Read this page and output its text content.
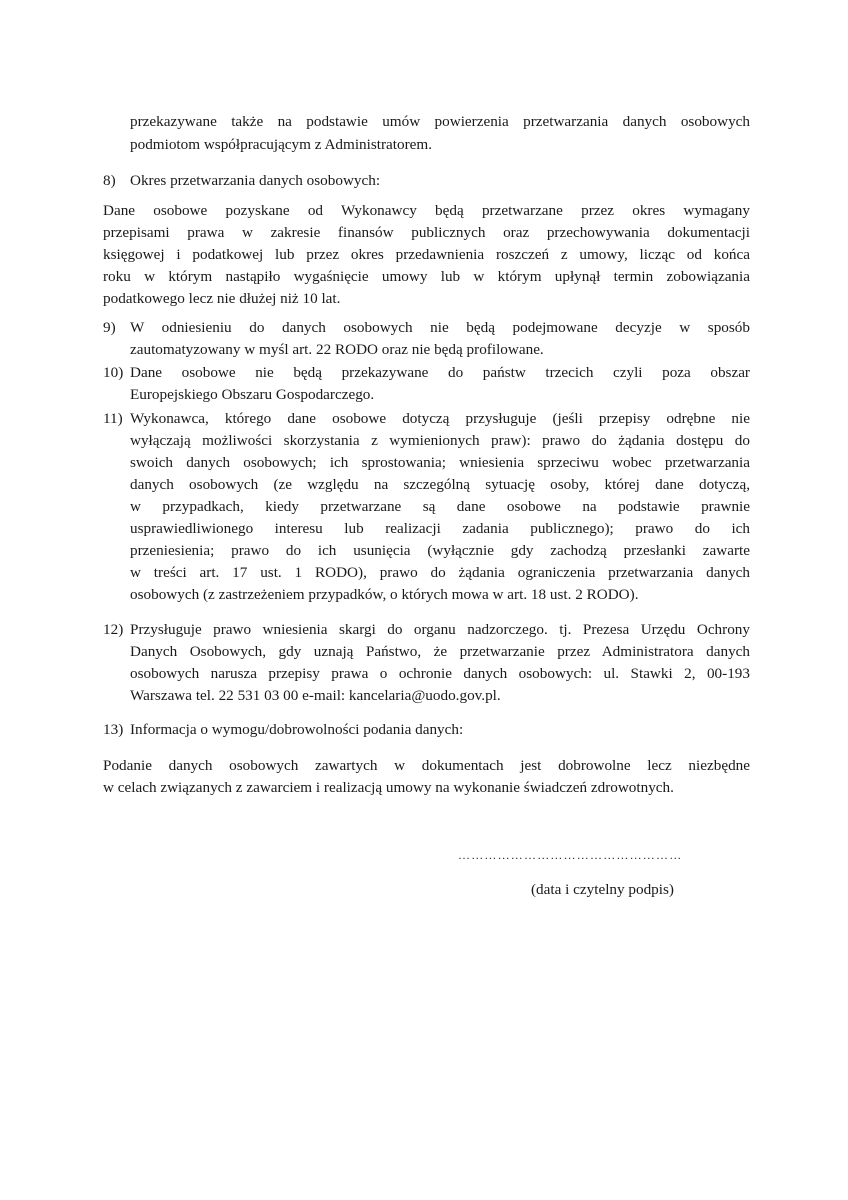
przekazywane także na podstawie umów powierzenia przetwarzania danych osobowych
podmiotom współpracującym z Administratorem.
8) Okres przetwarzania danych osobowych:
Dane osobowe pozyskane od Wykonawcy będą przetwarzane przez okres wymagany
przepisami prawa w zakresie finansów publicznych oraz przechowywania dokumentacji
księgowej i podatkowej lub przez okres przedawnienia roszczeń z umowy, licząc od końca
roku w którym nastąpiło wygaśnięcie umowy lub w którym upłynął termin zobowiązania
podatkowego lecz nie dłużej niż 10 lat.
9) W odniesieniu do danych osobowych nie będą podejmowane decyzje w sposób
zautomatyzowany w myśl art. 22 RODO oraz nie będą profilowane.
10) Dane osobowe nie będą przekazywane do państw trzecich czyli poza obszar
Europejskiego Obszaru Gospodarczego.
11) Wykonawca, którego dane osobowe dotyczą przysługuje (jeśli przepisy odrębne nie
wyłączają możliwości skorzystania z wymienionych praw): prawo do żądania dostępu do
swoich danych osobowych; ich sprostowania; wniesienia sprzeciwu wobec przetwarzania
danych osobowych (ze względu na szczególną sytuację osoby, której dane dotyczą,
w przypadkach, kiedy przetwarzane są dane osobowe na podstawie prawnie
usprawiedliwionego interesu lub realizacji zadania publicznego); prawo do ich
przeniesienia; prawo do ich usunięcia (wyłącznie gdy zachodzą przesłanki zawarte
w treści art. 17 ust. 1 RODO), prawo do żądania ograniczenia przetwarzania danych
osobowych (z zastrzeżeniem przypadków, o których mowa w art. 18 ust. 2 RODO).
12) Przysługuje prawo wniesienia skargi do organu nadzorczego. tj. Prezesa Urzędu Ochrony
Danych Osobowych, gdy uznają Państwo, że przetwarzanie przez Administratora danych
osobowych narusza przepisy prawa o ochronie danych osobowych: ul. Stawki 2, 00-193
Warszawa tel. 22 531 03 00 e-mail: kancelaria@uodo.gov.pl.
13) Informacja o wymogu/dobrowolności podania danych:
Podanie danych osobowych zawartych w dokumentach jest dobrowolne lecz niezbędne
w celach związanych z zawarciem i realizacją umowy na wykonanie świadczeń zdrowotnych.
……………………………………………
(data i czytelny podpis)
